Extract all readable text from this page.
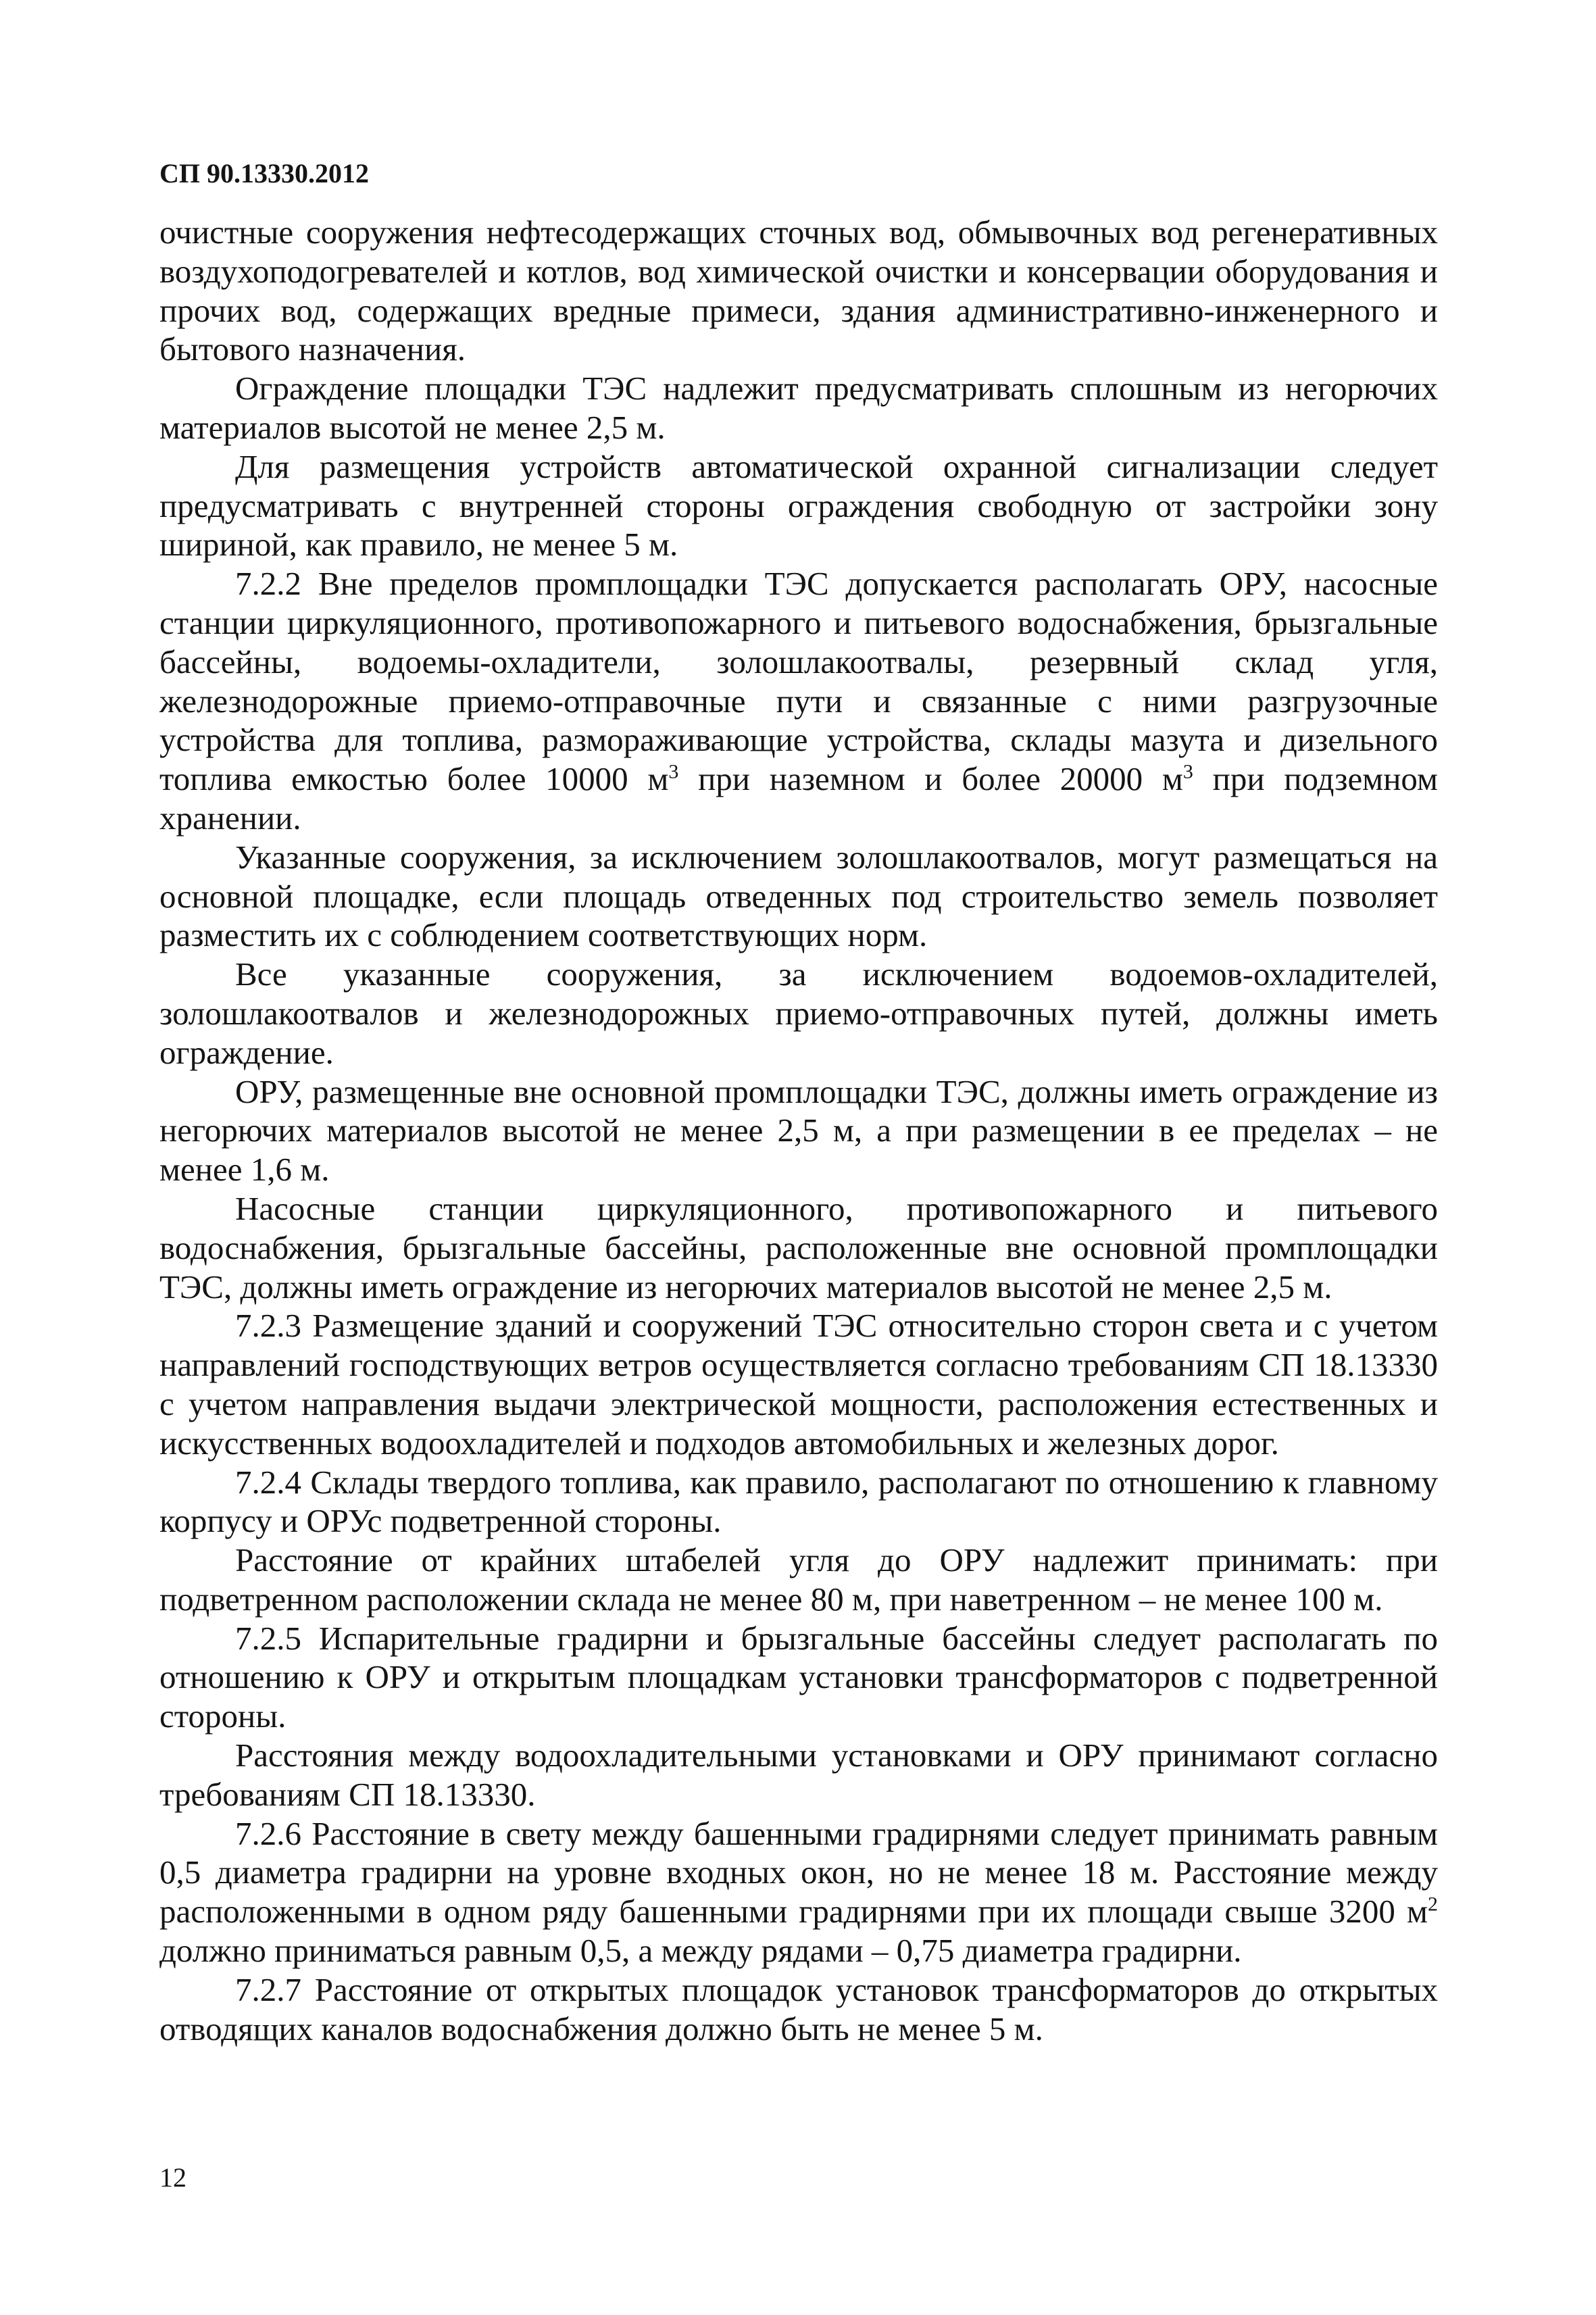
СП 90.13330.2012

очистные сооружения нефтесодержащих сточных вод, обмывочных вод регенеративных воздухоподогревателей и котлов, вод химической очистки и консервации оборудования и прочих вод, содержащих вредные примеси, здания административно-инженерного и бытового назначения.

Ограждение площадки ТЭС надлежит предусматривать сплошным из негорючих материалов высотой не менее 2,5 м.

Для размещения устройств автоматической охранной сигнализации следует предусматривать с внутренней стороны ограждения свободную от застройки зону шириной, как правило, не менее 5 м.

7.2.2 Вне пределов промплощадки ТЭС допускается располагать ОРУ, насосные станции циркуляционного, противопожарного и питьевого водоснабжения, брызгальные бассейны, водоемы-охладители, золошлакоотвалы, резервный склад угля, железнодорожные приемо-отправочные пути и связанные с ними разгрузочные устройства для топлива, размораживающие устройства, склады мазута и дизельного топлива емкостью более 10000 $м^3$ при наземном и более 20000 $м^3$ при подземном хранении.

Указанные сооружения, за исключением золошлакоотвалов, могут размещаться на основной площадке, если площадь отведенных под строительство земель позволяет разместить их с соблюдением соответствующих норм.

Все указанные сооружения, за исключением водоемов-охладителей, золошлакоотвалов и железнодорожных приемо-отправочных путей, должны иметь ограждение.

ОРУ, размещенные вне основной промплощадки ТЭС, должны иметь ограждение из негорючих материалов высотой не менее 2,5 м, а при размещении в ее пределах – не менее 1,6 м.

Насосные станции циркуляционного, противопожарного и питьевого водоснабжения, брызгальные бассейны, расположенные вне основной промплощадки ТЭС, должны иметь ограждение из негорючих материалов высотой не менее 2,5 м.

7.2.3 Размещение зданий и сооружений ТЭС относительно сторон света и с учетом направлений господствующих ветров осуществляется согласно требованиям СП 18.13330 с учетом направления выдачи электрической мощности, расположения естественных и искусственных водоохладителей и подходов автомобильных и железных дорог.

7.2.4 Склады твердого топлива, как правило, располагают по отношению к главному корпусу и ОРУс подветренной стороны.

Расстояние от крайних штабелей угля до ОРУ надлежит принимать: при подветренном расположении склада не менее 80 м, при наветренном – не менее 100 м.

7.2.5 Испарительные градирни и брызгальные бассейны следует располагать по отношению к ОРУ и открытым площадкам установки трансформаторов с подветренной стороны.

Расстояния между водоохладительными установками и ОРУ принимают согласно требованиям СП 18.13330.

7.2.6 Расстояние в свету между башенными градирнями следует принимать равным 0,5 диаметра градирни на уровне входных окон, но не менее 18 м. Расстояние между расположенными в одном ряду башенными градирнями при их площади свыше 3200 $м^2$ должно приниматься равным 0,5, а между рядами – 0,75 диаметра градирни.

7.2.7 Расстояние от открытых площадок установок трансформаторов до открытых отводящих каналов водоснабжения должно быть не менее 5 м.

12
